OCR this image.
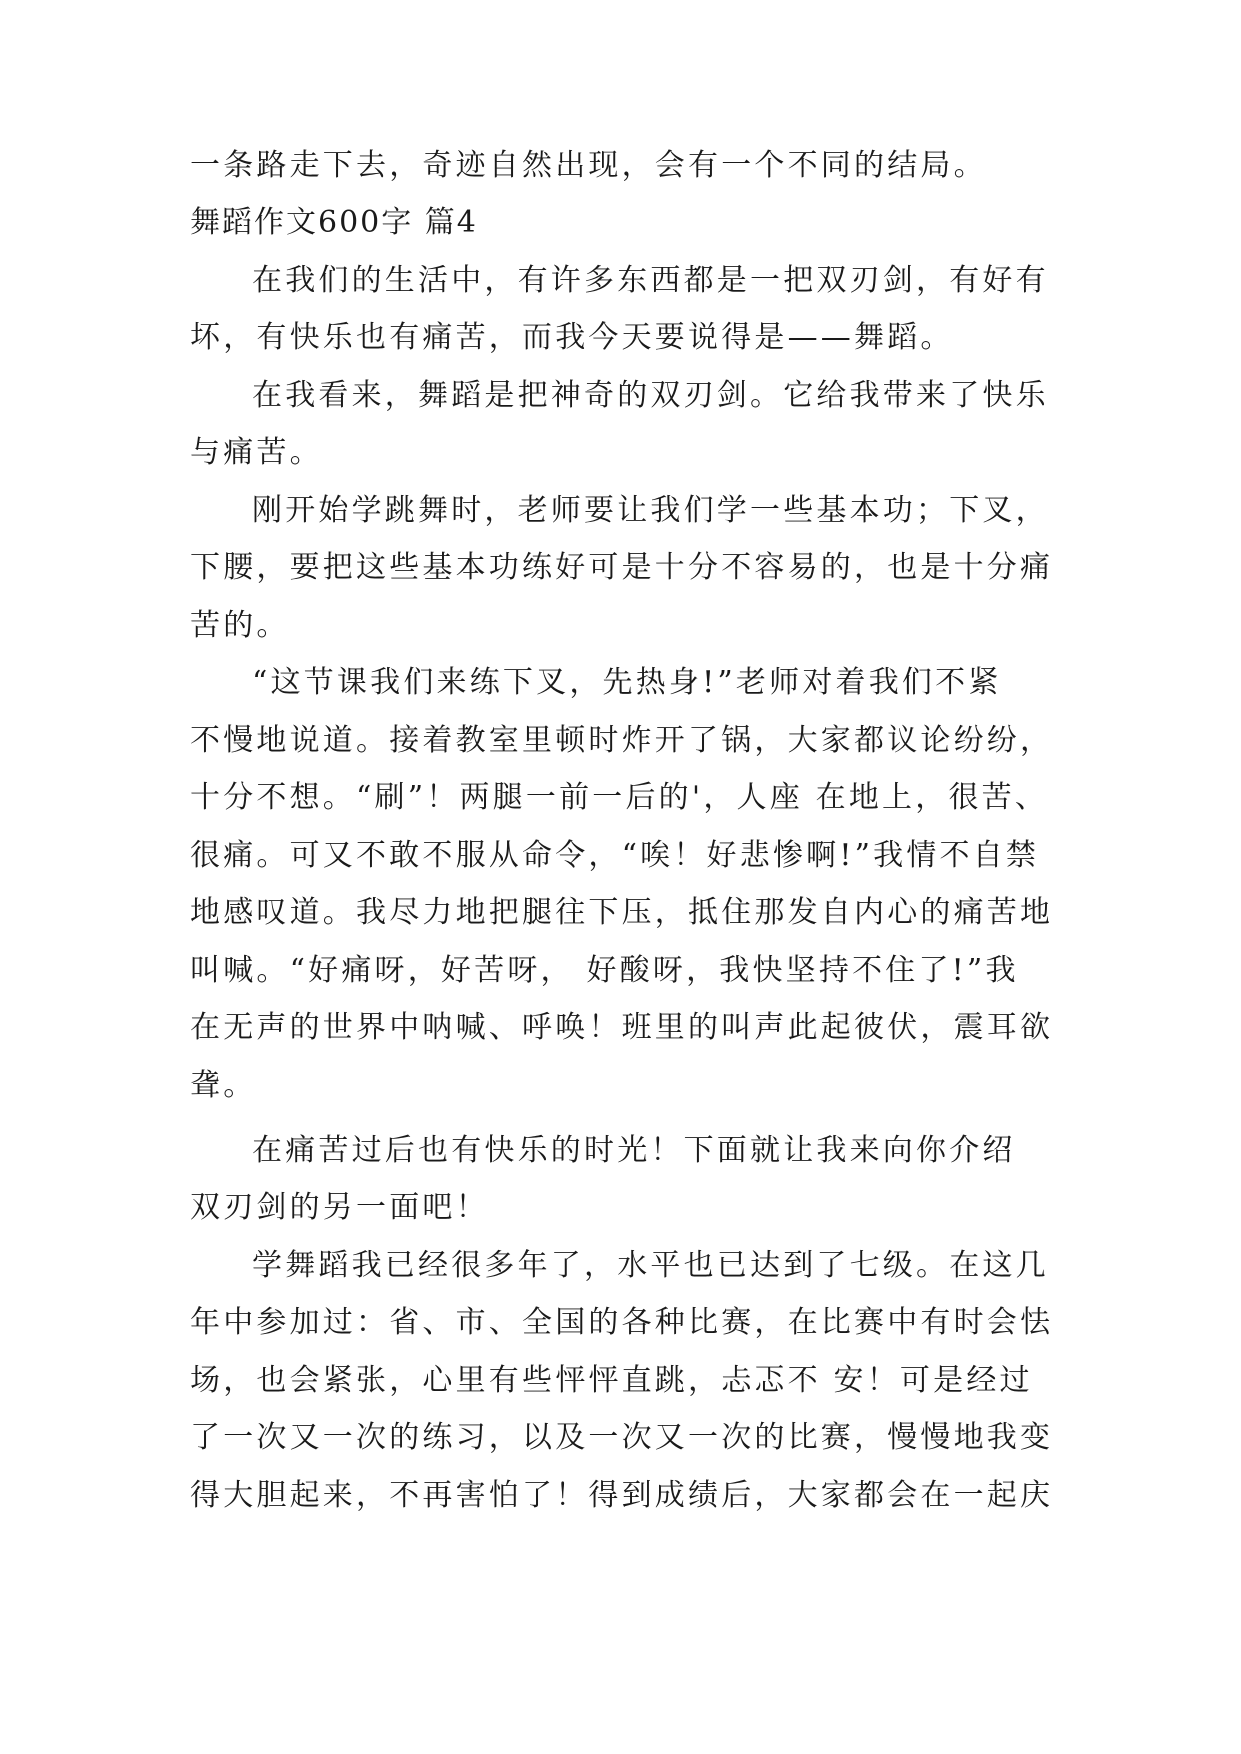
一条路走下去，奇迹自然出现，会有一个不同的结局。
舞蹈作文600字 篇4
在我们的生活中，有许多东西都是一把双刃剑，有好有
坏，有快乐也有痛苦，而我今天要说得是——舞蹈。
在我看来，舞蹈是把神奇的双刃剑。它给我带来了快乐
与痛苦。
刚开始学跳舞时，老师要让我们学一些基本功；下叉，
下腰，要把这些基本功练好可是十分不容易的，也是十分痛
苦的。
“这节课我们来练下叉，先热身!”老师对着我们不紧
不慢地说道。接着教室里顿时炸开了锅，大家都议论纷纷，
十分不想。“刷”！两腿一前一后的'，人座 在地上，很苦、
很痛。可又不敢不服从命令，“唉！好悲惨啊!”我情不自禁
地感叹道。我尽力地把腿往下压，抵住那发自内心的痛苦地
叫喊。“好痛呀，好苦呀， 好酸呀，我快坚持不住了!”我
在无声的世界中呐喊、呼唤！班里的叫声此起彼伏，震耳欲
聋。
在痛苦过后也有快乐的时光！下面就让我来向你介绍
双刃剑的另一面吧！
学舞蹈我已经很多年了，水平也已达到了七级。在这几
年中参加过：省、市、全国的各种比赛，在比赛中有时会怯
场，也会紧张，心里有些怦怦直跳，忐忑不 安！可是经过
了一次又一次的练习，以及一次又一次的比赛，慢慢地我变
得大胆起来，不再害怕了！得到成绩后，大家都会在一起庆
